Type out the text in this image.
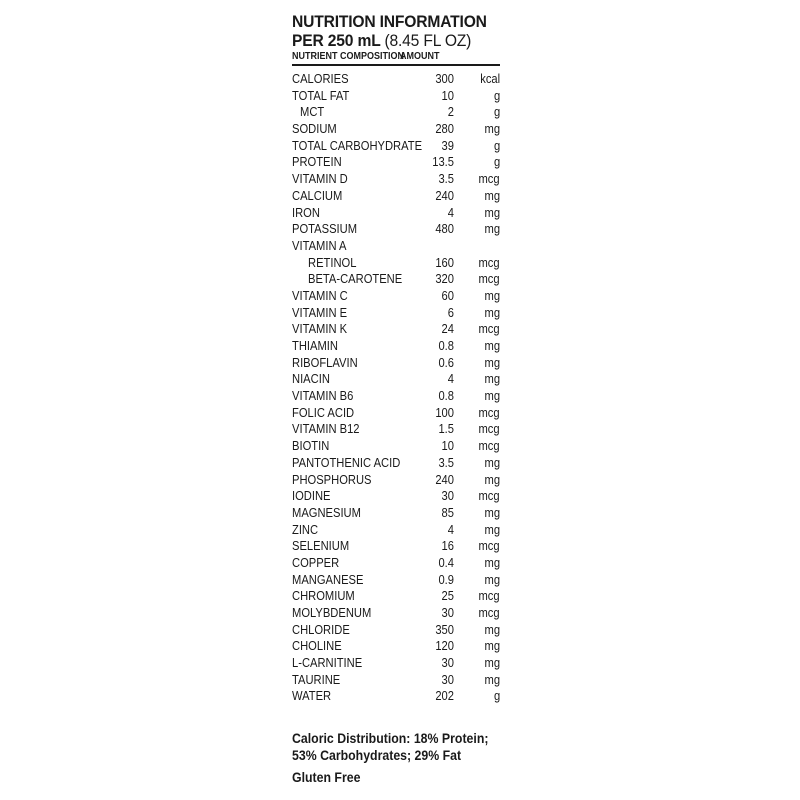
NUTRITION INFORMATION
PER 250 mL (8.45 FL OZ)
NUTRIENT COMPOSITION
AMOUNT
CALORIES	300 kcal
TOTAL FAT	10	g
MCT	2	g
SODIUM	280 mg
TOTAL CARBOHYDRATE	39	g
PROTEIN	13.5	g
VITAMIN D	3.5 mcg
CALCIUM	240 mg
IRON	4 mg
POTASSIUM	480 mg
VITAMIN A
RETINOL	160 mcg
BETA-CAROTENE	320 mcg
VITAMIN C	60 mg
VITAMIN E	6 mg
VITAMIN K	24 mcg
THIAMIN	0.8 mg
RIBOFLAVIN	0.6 mg
NIACIN	4 mg
VITAMIN B6	0.8 mg
FOLIC ACID	100 mcg
VITAMIN B12	1.5 mcg
BIOTIN	10 mcg
PANTOTHENIC ACID	3.5 mg
PHOSPHORUS	240 mg
IODINE	30 mcg
MAGNESIUM	85 mg
ZINC	4 mg
SELENIUM	16 mcg
COPPER	0.4 mg
MANGANESE	0.9 mg
CHROMIUM	25 mcg
MOLYBDENUM	30 mcg
CHLORIDE	350 mg
CHOLINE	120 mg
L-CARNITINE	30 mg
TAURINE	30 mg
WATER	202	g
Caloric Distribution: 18% Protein;
53% Carbohydrates; 29% Fat
Gluten Free
